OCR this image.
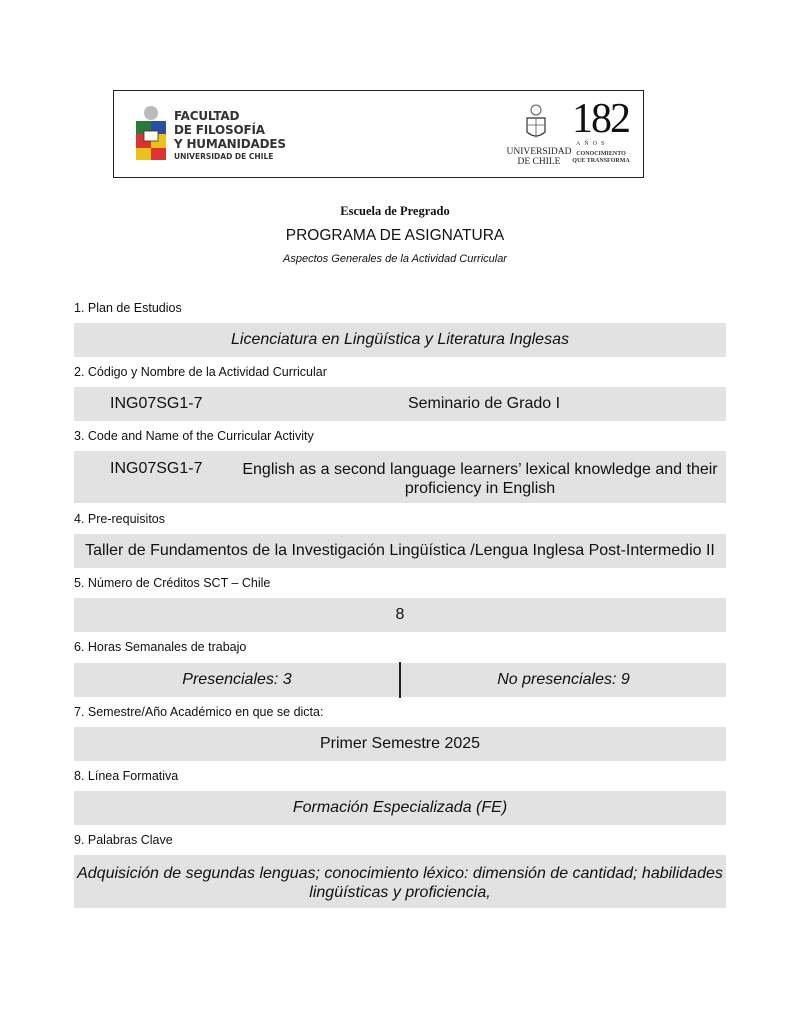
FACULTAD
DE FILOSOFÍA
Y HUMANIDADES
UNIVERSIDAD DE CHILE	UNIVERSIDAD
DE CHILE
182
AÑOS
CONOCIMIENTO
QUE TRANSFORMA
Escuela de Pregrado
PROGRAMA DE ASIGNATURA
Aspectos Generales de la Actividad Curricular
1. Plan de Estudios
Licenciatura en Lingüística y Literatura Inglesas
2. Código y Nombre de la Actividad Curricular
ING07SG1-7	Seminario de Grado I
3. Code and Name of the Curricular Activity
ING07SG1-7 English as a second language learners’ lexical knowledge and their
proficiency in English
4. Pre-requisitos
Taller de Fundamentos de la Investigación Lingüística /Lengua Inglesa Post-Intermedio II
5. Número de Créditos SCT – Chile
8
6. Horas Semanales de trabajo
Presenciales: 3	No presenciales: 9
7. Semestre/Año Académico en que se dicta:
Primer Semestre 2025
8. Línea Formativa
Formación Especializada (FE)
9. Palabras Clave
Adquisición de segundas lenguas; conocimiento léxico: dimensión de cantidad; habilidades
lingüísticas y proficiencia,
